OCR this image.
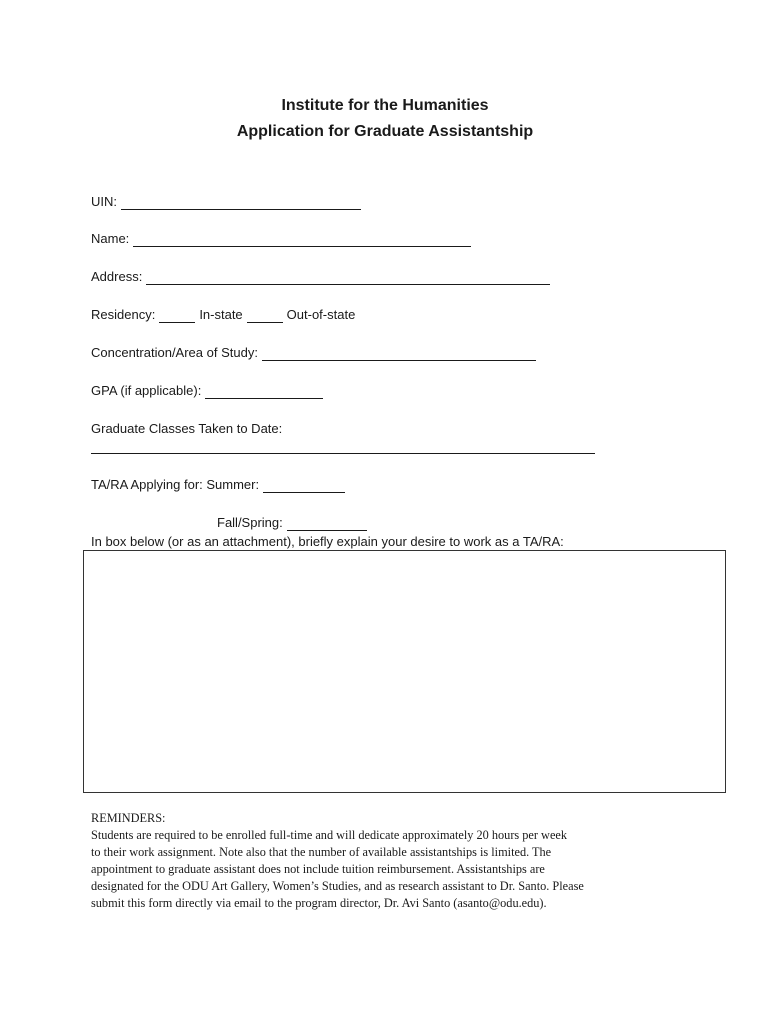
Institute for the Humanities
Application for Graduate Assistantship
UIN:
Name:
Address:
Residency:	In-state	Out-of-state
Concentration/Area of Study:
GPA (if applicable):
Graduate Classes Taken to Date:
TA/RA Applying for: Summer:
Fall/Spring:
In box below (or as an attachment), briefly explain your desire to work as a TA/RA:

REMINDERS:

Students are required to be enrolled full-time and will dedicate approximately 20 hours per week

to their work assignment. Note also that the number of available assistantships is limited. The

appointment to graduate assistant does not include tuition reimbursement. Assistantships are

designated for the ODU Art Gallery, Women’s Studies, and as research assistant to Dr. Santo. Please

submit this form directly via email to the program director, Dr. Avi Santo (asanto@odu.edu).
